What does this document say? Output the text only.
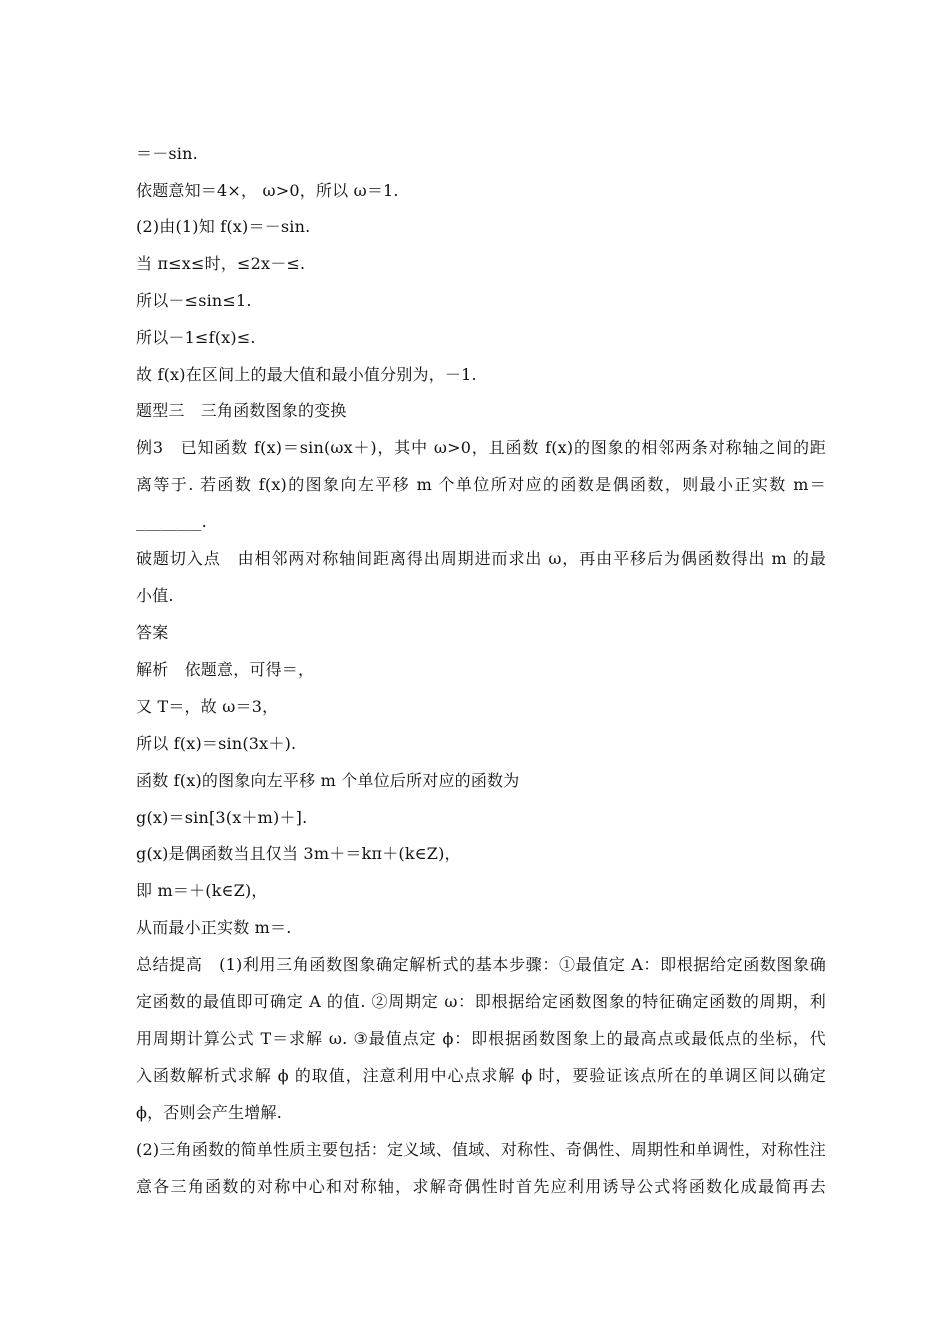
＝－sin.
依题意知＝4×， ω>0，所以 ω＝1.
(2)由(1)知 f(x)＝－sin.
当 π≤x≤时，≤2x－≤.
所以－≤sin≤1.
所以－1≤f(x)≤.
故 f(x)在区间上的最大值和最小值分别为，－1.
题型三　三角函数图象的变换
例3　已知函数 f(x)＝sin(ωx＋)，其中 ω>0，且函数 f(x)的图象的相邻两条对称轴之间的距
离等于. 若函数 f(x)的图象向左平移 m 个单位所对应的函数是偶函数，则最小正实数 m＝
________.
破题切入点　由相邻两对称轴间距离得出周期进而求出 ω，再由平移后为偶函数得出 m 的最
小值.
答案
解析　依题意，可得＝，
又 T＝，故 ω＝3，
所以 f(x)＝sin(3x＋).
函数 f(x)的图象向左平移 m 个单位后所对应的函数为
g(x)＝sin[3(x＋m)＋].
g(x)是偶函数当且仅当 3m＋＝kπ＋(k∈Z)，
即 m＝＋(k∈Z)，
从而最小正实数 m＝.
总结提高　(1)利用三角函数图象确定解析式的基本步骤：①最值定 A：即根据给定函数图象确
定函数的最值即可确定 A 的值. ②周期定 ω：即根据给定函数图象的特征确定函数的周期，利
用周期计算公式 T＝求解 ω. ③最值点定 ϕ：即根据函数图象上的最高点或最低点的坐标，代
入函数解析式求解 ϕ 的取值，注意利用中心点求解 ϕ 时，要验证该点所在的单调区间以确定
ϕ，否则会产生增解.
(2)三角函数的简单性质主要包括：定义域、值域、对称性、奇偶性、周期性和单调性，对称性注
意各三角函数的对称中心和对称轴，求解奇偶性时首先应利用诱导公式将函数化成最简再去
